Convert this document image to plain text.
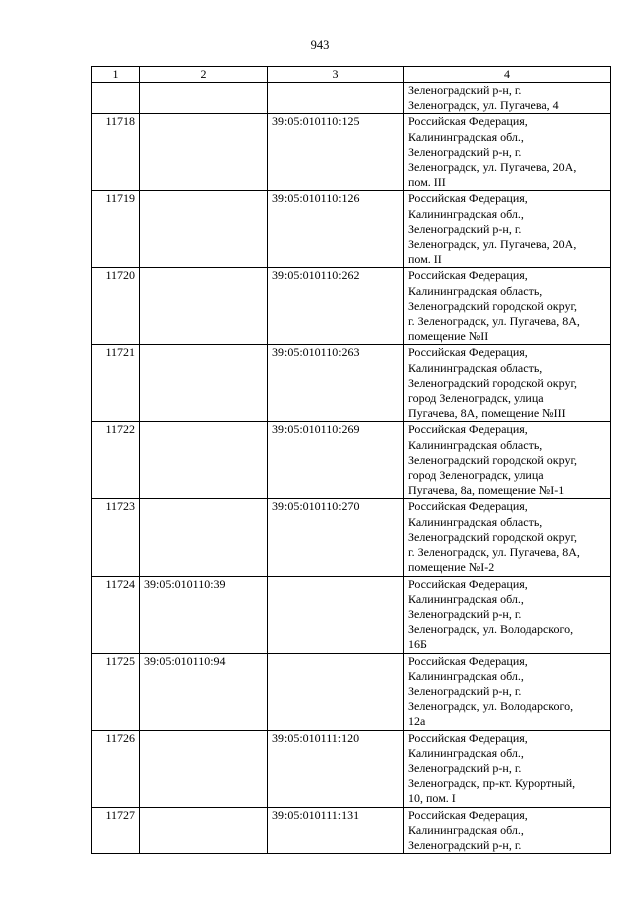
943
1	2	3	4

			Зеленоградский р-н, г.
Зеленоградск, ул. Пугачева, 4

11718		39:05:010110:125	Российская Федерация,
Калининградская обл.,
Зеленоградский р-н, г.
Зеленоградск, ул. Пугачева, 20А,
пом. III

11719		39:05:010110:126	Российская Федерация,
Калининградская обл.,
Зеленоградский р-н, г.
Зеленоградск, ул. Пугачева, 20А,
пом. II

11720		39:05:010110:262	Российская Федерация,
Калининградская область,
Зеленоградский городской округ,
г. Зеленоградск, ул. Пугачева, 8А,
помещение №II

11721		39:05:010110:263	Российская Федерация,
Калининградская область,
Зеленоградский городской округ,
город Зеленоградск, улица
Пугачева, 8А, помещение №III

11722		39:05:010110:269	Российская Федерация,
Калининградская область,
Зеленоградский городской округ,
город Зеленоградск, улица
Пугачева, 8а, помещение №I-1

11723		39:05:010110:270	Российская Федерация,
Калининградская область,
Зеленоградский городской округ,
г. Зеленоградск, ул. Пугачева, 8А,
помещение №I-2

11724	39:05:010110:39		Российская Федерация,
Калининградская обл.,
Зеленоградский р-н, г.
Зеленоградск, ул. Володарского,
16Б

11725	39:05:010110:94		Российская Федерация,
Калининградская обл.,
Зеленоградский р-н, г.
Зеленоградск, ул. Володарского,
12а

11726		39:05:010111:120	Российская Федерация,
Калининградская обл.,
Зеленоградский р-н, г.
Зеленоградск, пр-кт. Курортный,
10, пом. I

11727		39:05:010111:131	Российская Федерация,
Калининградская обл.,
Зеленоградский р-н, г.
